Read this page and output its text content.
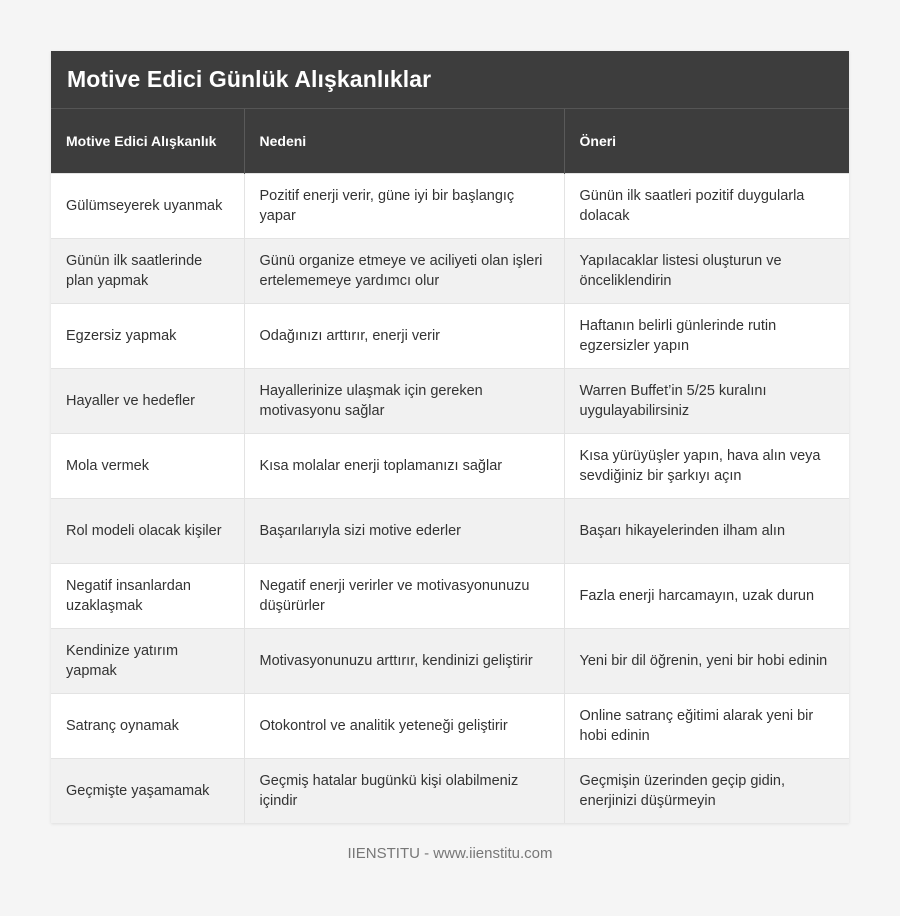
Motive Edici Günlük Alışkanlıklar
Motive Edici Alışkanlık	Nedeni	Öneri
Gülümseyerek uyanmak	Pozitif enerji verir, güne iyi bir başlangıç yapar	Günün ilk saatleri pozitif duygularla dolacak
Günün ilk saatlerinde plan yapmak	Günü organize etmeye ve aciliyeti olan işleri ertelememeye yardımcı olur	Yapılacaklar listesi oluşturun ve önceliklendirin
Egzersiz yapmak	Odağınızı arttırır, enerji verir	Haftanın belirli günlerinde rutin egzersizler yapın
Hayaller ve hedefler	Hayallerinize ulaşmak için gereken motivasyonu sağlar	Warren Buffet’in 5/25 kuralını uygulayabilirsiniz
Mola vermek	Kısa molalar enerji toplamanızı sağlar	Kısa yürüyüşler yapın, hava alın veya sevdiğiniz bir şarkıyı açın
Rol modeli olacak kişiler	Başarılarıyla sizi motive ederler	Başarı hikayelerinden ilham alın
Negatif insanlardan uzaklaşmak	Negatif enerji verirler ve motivasyonunuzu düşürürler	Fazla enerji harcamayın, uzak durun
Kendinize yatırım yapmak	Motivasyonunuzu arttırır, kendinizi geliştirir	Yeni bir dil öğrenin, yeni bir hobi edinin
Satranç oynamak	Otokontrol ve analitik yeteneği geliştirir	Online satranç eğitimi alarak yeni bir hobi edinin
Geçmişte yaşamamak	Geçmiş hatalar bugünkü kişi olabilmeniz içindir	Geçmişin üzerinden geçip gidin, enerjinizi düşürmeyin
IIENSTITU - www.iienstitu.com
